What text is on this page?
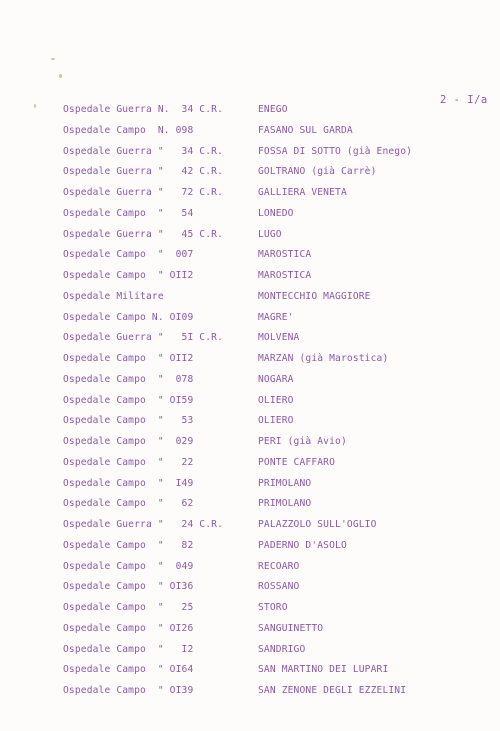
2 - I/a
Ospedale Guerra N.  34 C.R.	ENEGO
Ospedale Campo  N. 098	FASANO SUL GARDA
Ospedale Guerra "   34 C.R.	FOSSA DI SOTTO (già Enego)
Ospedale Guerra "   42 C.R.	GOLTRANO (già Carrè)
Ospedale Guerra "   72 C.R.	GALLIERA VENETA
Ospedale Campo  "   54	LONEDO
Ospedale Guerra "   45 C.R.	LUGO
Ospedale Campo  "  007	MAROSTICA
Ospedale Campo  " OII2	MAROSTICA
Ospedale Militare	MONTECCHIO MAGGIORE
Ospedale Campo N. OI09	MAGRE'
Ospedale Guerra "   5I C.R.	MOLVENA
Ospedale Campo  " OII2	MARZAN (già Marostica)
Ospedale Campo  "  078	NOGARA
Ospedale Campo  " OI59	OLIERO
Ospedale Campo  "   53	OLIERO
Ospedale Campo  "  029	PERI (già Avio)
Ospedale Campo  "   22	PONTE CAFFARO
Ospedale Campo  "  I49	PRIMOLANO
Ospedale Campo  "   62	PRIMOLANO
Ospedale Guerra "   24 C.R.	PALAZZOLO SULL'OGLIO
Ospedale Campo  "   82	PADERNO D'ASOLO
Ospedale Campo  "  049	RECOARO
Ospedale Campo  " OI36	ROSSANO
Ospedale Campo  "   25	STORO
Ospedale Campo  " OI26	SANGUINETTO
Ospedale Campo  "   I2	SANDRIGO
Ospedale Campo  " OI64	SAN MARTINO DEI LUPARI
Ospedale Campo  " OI39	SAN ZENONE DEGLI EZZELINI
